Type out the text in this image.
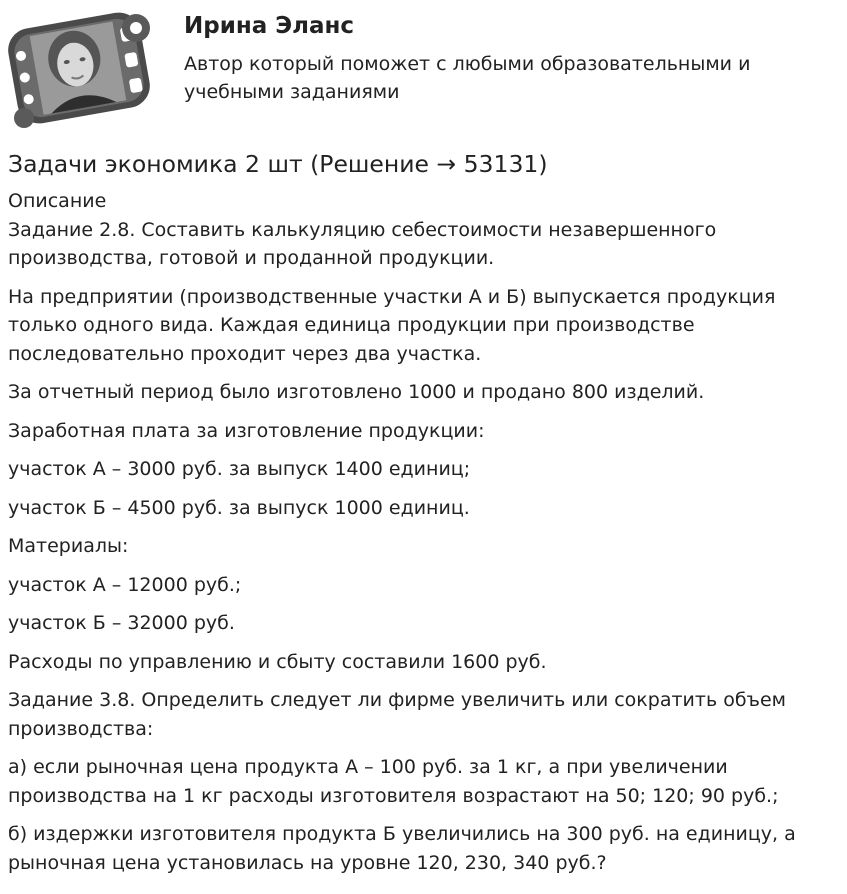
Ирина Эланс
Автор который поможет с любыми образовательными и учебными заданиями
Задачи экономика 2 шт (Решение → 53131)

Описание

Задание 2.8. Составить калькуляцию себестоимости незавершенного производства, готовой и проданной продукции.

На предприятии (производственные участки А и Б) выпускается продукция только одного вида. Каждая единица продукции при производстве последовательно проходит через два участка.

За отчетный период было изготовлено 1000 и продано 800 изделий.

Заработная плата за изготовление продукции:

участок А – 3000 руб. за выпуск 1400 единиц;

участок Б – 4500 руб. за выпуск 1000 единиц.

Материалы:

участок А – 12000 руб.;

участок Б – 32000 руб.

Расходы по управлению и сбыту составили 1600 руб.

Задание 3.8. Определить следует ли фирме увеличить или сократить объем производства:

а) если рыночная цена продукта А – 100 руб. за 1 кг, а при увеличении производства на 1 кг расходы изготовителя возрастают на 50; 120; 90 руб.;

б) издержки изготовителя продукта Б увеличились на 300 руб. на единицу, а рыночная цена установилась на уровне 120, 230, 340 руб.?
